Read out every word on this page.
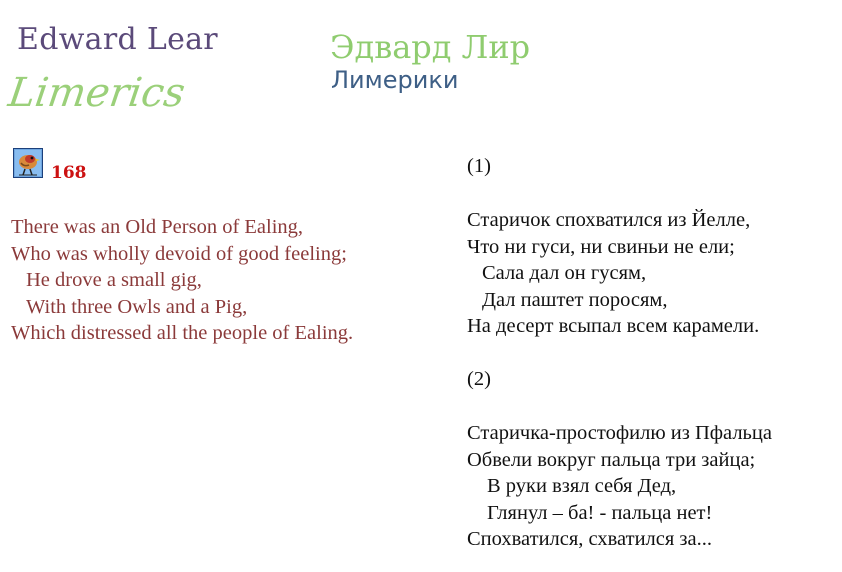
Edward Lear
Limerics
Эдвард Лир
Лимерики
168
There was an Old Person of Ealing,
Who was wholly devoid of good feeling;
He drove a small gig,
With three Owls and a Pig,
Which distressed all the people of Ealing.
(1)
Старичок спохватился из Йелле,
Что ни гуси, ни свиньи не ели;
Сала дал он гусям,
Дал паштет поросям,
На десерт всыпал всем карамели.
(2)
Старичка-простофилю из Пфальца
Обвели вокруг пальца три зайца;
В руки взял себя Дед,
Глянул – ба! - пальца нет!
Спохватился, схватился за...
